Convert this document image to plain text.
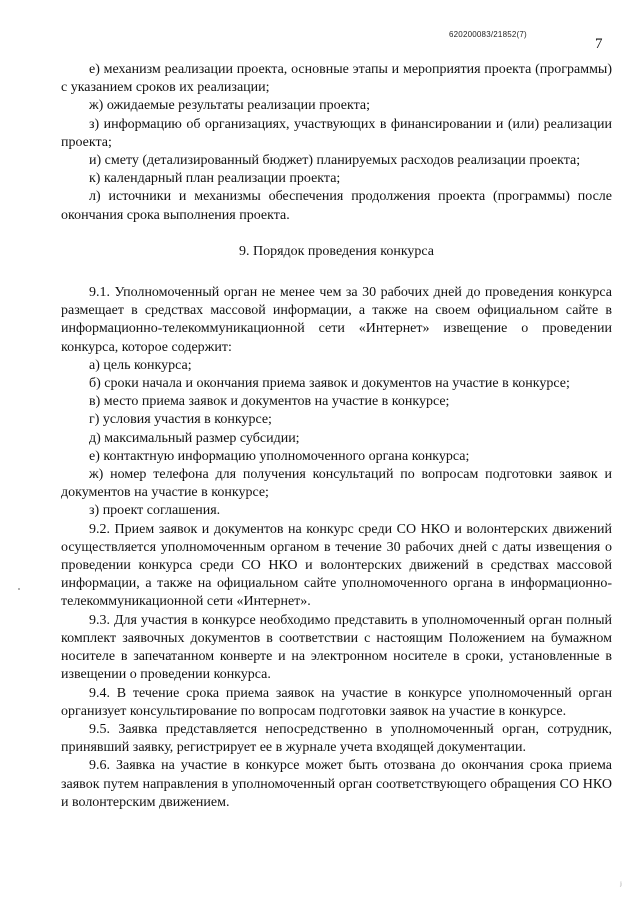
620200083/21852(7)
7

е) механизм реализации проекта, основные этапы и мероприятия проекта (программы) с указанием сроков их реализации;

ж) ожидаемые результаты реализации проекта;

з) информацию об организациях, участвующих в финансировании и (или) реализации проекта;

и) смету (детализированный бюджет) планируемых расходов реализации проекта;

к) календарный план реализации проекта;

л) источники и механизмы обеспечения продолжения проекта (программы) после окончания срока выполнения проекта.

9. Порядок проведения конкурса

9.1. Уполномоченный орган не менее чем за 30 рабочих дней до проведения конкурса размещает в средствах массовой информации, а также на своем официальном сайте в информационно-телекоммуникационной сети «Интернет» извещение о проведении конкурса, которое содержит:

а) цель конкурса;

б) сроки начала и окончания приема заявок и документов на участие в конкурсе;

в) место приема заявок и документов на участие в конкурсе;

г) условия участия в конкурсе;

д) максимальный размер субсидии;

е) контактную информацию уполномоченного органа конкурса;

ж) номер телефона для получения консультаций по вопросам подготовки заявок и документов на участие в конкурсе;

з) проект соглашения.

9.2. Прием заявок и документов на конкурс среди СО НКО и волонтерских движений осуществляется уполномоченным органом в течение 30 рабочих дней с даты извещения о проведении конкурса среди СО НКО и волонтерских движений в средствах массовой информации, а также на официальном сайте уполномоченного органа в информационно-телекоммуникационной сети «Интернет».

9.3. Для участия в конкурсе необходимо представить в уполномоченный орган полный комплект заявочных документов в соответствии с настоящим Положением на бумажном носителе в запечатанном конверте и на электронном носителе в сроки, установленные в извещении о проведении конкурса.

9.4. В течение срока приема заявок на участие в конкурсе уполномоченный орган организует консультирование по вопросам подготовки заявок на участие в конкурсе.

9.5. Заявка представляется непосредственно в уполномоченный орган, сотрудник, принявший заявку, регистрирует ее в журнале учета входящей документации.

9.6. Заявка на участие в конкурсе может быть отозвана до окончания срока приема заявок путем направления в уполномоченный орган соответствующего обращения СО НКО и волонтерским движением.

ʲ
